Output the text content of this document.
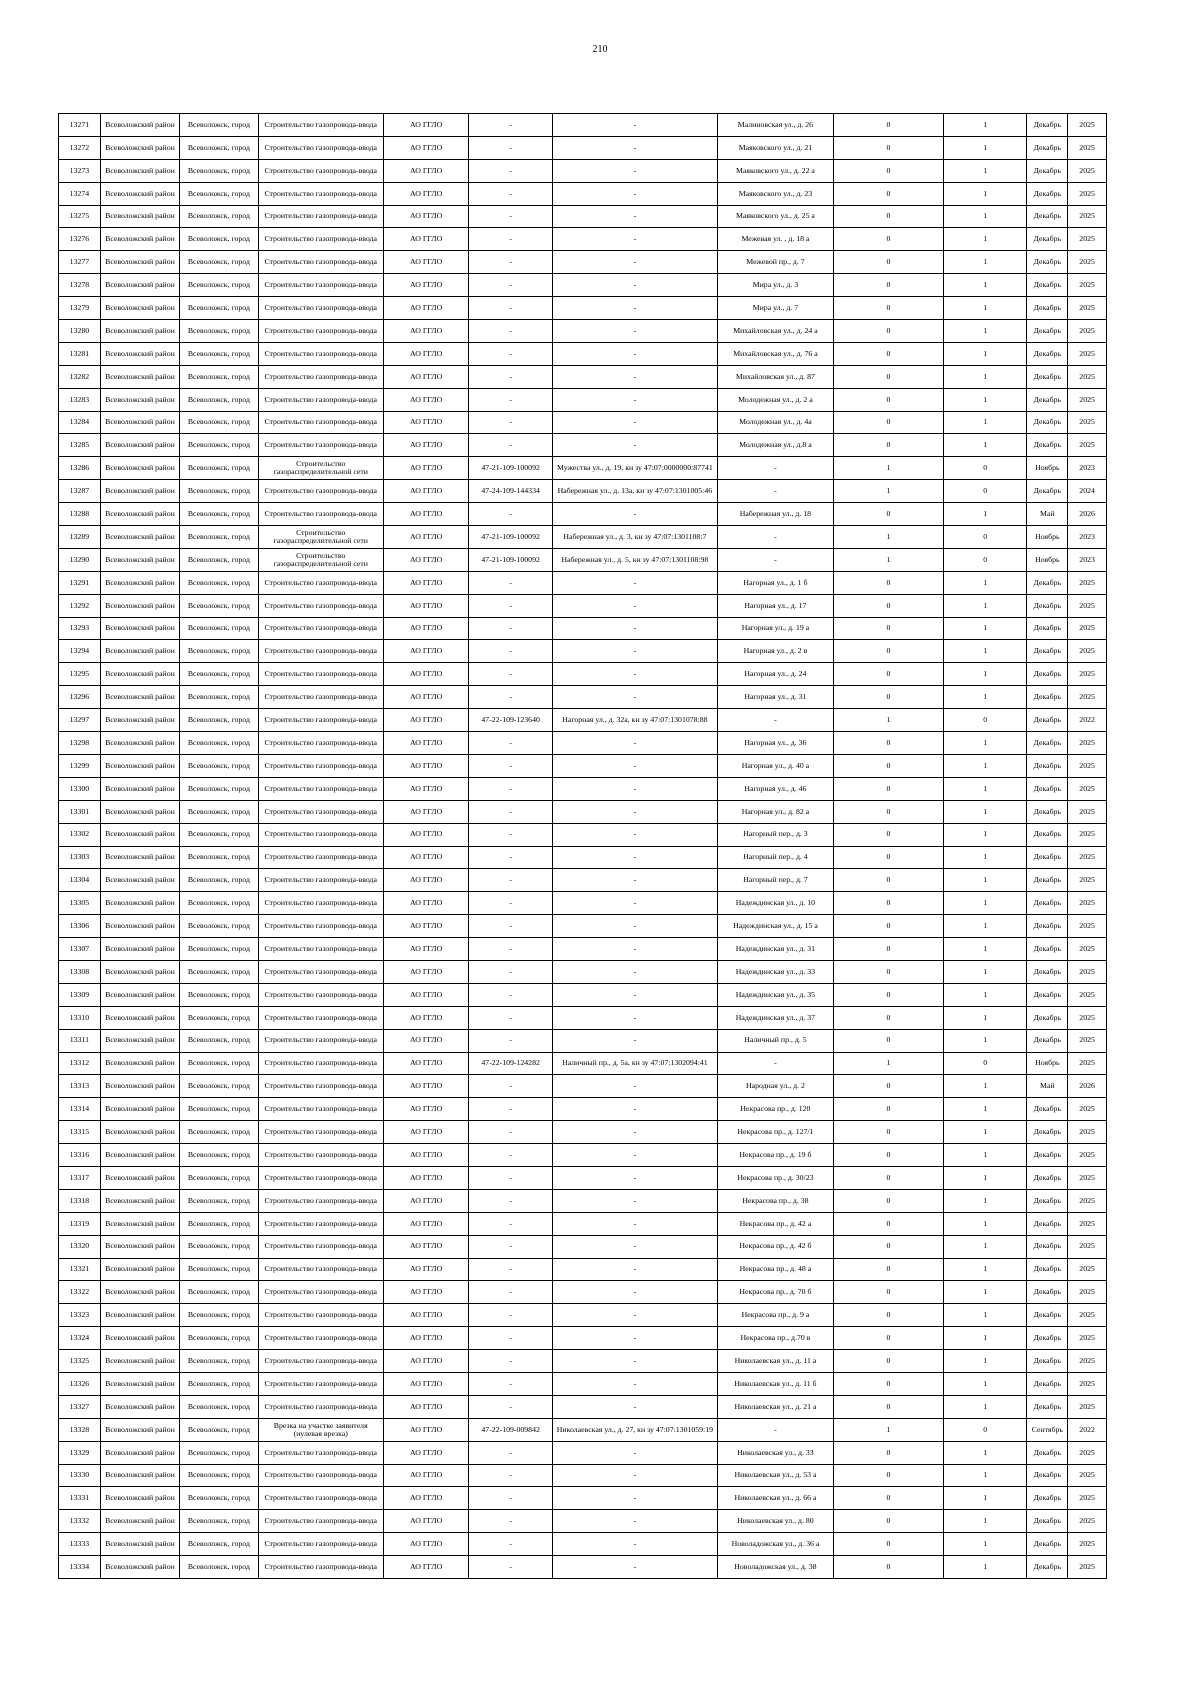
210
13271	Всеволожский район	Всеволожск, город	Строительство газопровода-ввода	АО ГГЛО	-	-	Малиновская ул., д. 26	0	1	Декабрь	2025
13272	Всеволожский район	Всеволожск, город	Строительство газопровода-ввода	АО ГГЛО	-	-	Маяковского ул., д. 21	0	1	Декабрь	2025
13273	Всеволожский район	Всеволожск, город	Строительство газопровода-ввода	АО ГГЛО	-	-	Маяковского ул., д. 22 а	0	1	Декабрь	2025
13274	Всеволожский район	Всеволожск, город	Строительство газопровода-ввода	АО ГГЛО	-	-	Маяковского ул., д. 23	0	1	Декабрь	2025
13275	Всеволожский район	Всеволожск, город	Строительство газопровода-ввода	АО ГГЛО	-	-	Маяковского ул., д. 25 а	0	1	Декабрь	2025
13276	Всеволожский район	Всеволожск, город	Строительство газопровода-ввода	АО ГГЛО	-	-	Межевая ул. , д. 18 а	0	1	Декабрь	2025
13277	Всеволожский район	Всеволожск, город	Строительство газопровода-ввода	АО ГГЛО	-	-	Межевой пр., д. 7	0	1	Декабрь	2025
13278	Всеволожский район	Всеволожск, город	Строительство газопровода-ввода	АО ГГЛО	-	-	Мира ул., д. 3	0	1	Декабрь	2025
13279	Всеволожский район	Всеволожск, город	Строительство газопровода-ввода	АО ГГЛО	-	-	Мира ул., д. 7	0	1	Декабрь	2025
13280	Всеволожский район	Всеволожск, город	Строительство газопровода-ввода	АО ГГЛО	-	-	Михайловская ул., д. 24 а	0	1	Декабрь	2025
13281	Всеволожский район	Всеволожск, город	Строительство газопровода-ввода	АО ГГЛО	-	-	Михайловская ул., д. 76 а	0	1	Декабрь	2025
13282	Всеволожский район	Всеволожск, город	Строительство газопровода-ввода	АО ГГЛО	-	-	Михайловская ул., д. 87	0	1	Декабрь	2025
13283	Всеволожский район	Всеволожск, город	Строительство газопровода-ввода	АО ГГЛО	-	-	Молодежная ул., д. 2 а	0	1	Декабрь	2025
13284	Всеволожский район	Всеволожск, город	Строительство газопровода-ввода	АО ГГЛО	-	-	Молодежная ул., д. 4а	0	1	Декабрь	2025
13285	Всеволожский район	Всеволожск, город	Строительство газопровода-ввода	АО ГГЛО	-	-	Молодежная ул., д.8 а	0	1	Декабрь	2025
13286	Всеволожский район	Всеволожск, город	Строительство газораспределительной сети	АО ГГЛО	47-21-109-100092	Мужества ул., д. 19, кн зу 47:07:0000000:87741	-	1	0	Ноябрь	2023
13287	Всеволожский район	Всеволожск, город	Строительство газопровода-ввода	АО ГГЛО	47-24-109-144334	Набережная ул., д. 13а, кн зу 47:07:1301005:46	-	1	0	Декабрь	2024
13288	Всеволожский район	Всеволожск, город	Строительство газопровода-ввода	АО ГГЛО	-	-	Набережная ул., д. 18	0	1	Май	2026
13289	Всеволожский район	Всеволожск, город	Строительство газораспределительной сети	АО ГГЛО	47-21-109-100092	Набережная ул., д. 3, кн зу 47:07:1301108:7	-	1	0	Ноябрь	2023
13290	Всеволожский район	Всеволожск, город	Строительство газораспределительной сети	АО ГГЛО	47-21-109-100092	Набережная ул., д. 5, кн зу 47:07:1301108:98	-	1	0	Ноябрь	2023
13291	Всеволожский район	Всеволожск, город	Строительство газопровода-ввода	АО ГГЛО	-	-	Нагорная ул., д. 1 б	0	1	Декабрь	2025
13292	Всеволожский район	Всеволожск, город	Строительство газопровода-ввода	АО ГГЛО	-	-	Нагорная ул., д. 17	0	1	Декабрь	2025
13293	Всеволожский район	Всеволожск, город	Строительство газопровода-ввода	АО ГГЛО	-	-	Нагорная ул., д. 19 а	0	1	Декабрь	2025
13294	Всеволожский район	Всеволожск, город	Строительство газопровода-ввода	АО ГГЛО	-	-	Нагорная ул., д. 2 в	0	1	Декабрь	2025
13295	Всеволожский район	Всеволожск, город	Строительство газопровода-ввода	АО ГГЛО	-	-	Нагорная ул., д. 24	0	1	Декабрь	2025
13296	Всеволожский район	Всеволожск, город	Строительство газопровода-ввода	АО ГГЛО	-	-	Нагорная ул., д. 31	0	1	Декабрь	2025
13297	Всеволожский район	Всеволожск, город	Строительство газопровода-ввода	АО ГГЛО	47-22-109-123640	Нагорная ул., д. 32а, кн зу 47:07:1301078:88	-	1	0	Декабрь	2022
13298	Всеволожский район	Всеволожск, город	Строительство газопровода-ввода	АО ГГЛО	-	-	Нагорная ул., д. 36	0	1	Декабрь	2025
13299	Всеволожский район	Всеволожск, город	Строительство газопровода-ввода	АО ГГЛО	-	-	Нагорная ул., д. 40 а	0	1	Декабрь	2025
13300	Всеволожский район	Всеволожск, город	Строительство газопровода-ввода	АО ГГЛО	-	-	Нагорная ул., д. 46	0	1	Декабрь	2025
13301	Всеволожский район	Всеволожск, город	Строительство газопровода-ввода	АО ГГЛО	-	-	Нагорная ул., д. 82 а	0	1	Декабрь	2025
13302	Всеволожский район	Всеволожск, город	Строительство газопровода-ввода	АО ГГЛО	-	-	Нагорный пер., д. 3	0	1	Декабрь	2025
13303	Всеволожский район	Всеволожск, город	Строительство газопровода-ввода	АО ГГЛО	-	-	Нагорный пер., д. 4	0	1	Декабрь	2025
13304	Всеволожский район	Всеволожск, город	Строительство газопровода-ввода	АО ГГЛО	-	-	Нагорный пер., д. 7	0	1	Декабрь	2025
13305	Всеволожский район	Всеволожск, город	Строительство газопровода-ввода	АО ГГЛО	-	-	Надеждинская ул., д. 10	0	1	Декабрь	2025
13306	Всеволожский район	Всеволожск, город	Строительство газопровода-ввода	АО ГГЛО	-	-	Надеждинская ул., д. 15 а	0	1	Декабрь	2025
13307	Всеволожский район	Всеволожск, город	Строительство газопровода-ввода	АО ГГЛО	-	-	Надеждинская ул., д. 31	0	1	Декабрь	2025
13308	Всеволожский район	Всеволожск, город	Строительство газопровода-ввода	АО ГГЛО	-	-	Надеждинская ул., д. 33	0	1	Декабрь	2025
13309	Всеволожский район	Всеволожск, город	Строительство газопровода-ввода	АО ГГЛО	-	-	Надеждинская ул., д. 35	0	1	Декабрь	2025
13310	Всеволожский район	Всеволожск, город	Строительство газопровода-ввода	АО ГГЛО	-	-	Надеждинская ул., д. 37	0	1	Декабрь	2025
13311	Всеволожский район	Всеволожск, город	Строительство газопровода-ввода	АО ГГЛО	-	-	Наличный пр., д. 5	0	1	Декабрь	2025
13312	Всеволожский район	Всеволожск, город	Строительство газопровода-ввода	АО ГГЛО	47-22-109-124282	Наличный пр., д. 5а, кн зу 47:07:1302094:41	-	1	0	Ноябрь	2025
13313	Всеволожский район	Всеволожск, город	Строительство газопровода-ввода	АО ГГЛО	-	-	Народная ул., д. 2	0	1	Май	2026
13314	Всеволожский район	Всеволожск, город	Строительство газопровода-ввода	АО ГГЛО	-	-	Некрасова пр., д. 120	0	1	Декабрь	2025
13315	Всеволожский район	Всеволожск, город	Строительство газопровода-ввода	АО ГГЛО	-	-	Некрасова пр., д. 127/1	0	1	Декабрь	2025
13316	Всеволожский район	Всеволожск, город	Строительство газопровода-ввода	АО ГГЛО	-	-	Некрасова пр., д. 19 б	0	1	Декабрь	2025
13317	Всеволожский район	Всеволожск, город	Строительство газопровода-ввода	АО ГГЛО	-	-	Некрасова пр., д. 30/23	0	1	Декабрь	2025
13318	Всеволожский район	Всеволожск, город	Строительство газопровода-ввода	АО ГГЛО	-	-	Некрасова пр., д. 38	0	1	Декабрь	2025
13319	Всеволожский район	Всеволожск, город	Строительство газопровода-ввода	АО ГГЛО	-	-	Некрасова пр., д. 42 а	0	1	Декабрь	2025
13320	Всеволожский район	Всеволожск, город	Строительство газопровода-ввода	АО ГГЛО	-	-	Некрасова пр., д. 42 б	0	1	Декабрь	2025
13321	Всеволожский район	Всеволожск, город	Строительство газопровода-ввода	АО ГГЛО	-	-	Некрасова пр., д. 48 а	0	1	Декабрь	2025
13322	Всеволожский район	Всеволожск, город	Строительство газопровода-ввода	АО ГГЛО	-	-	Некрасова пр., д. 70 б	0	1	Декабрь	2025
13323	Всеволожский район	Всеволожск, город	Строительство газопровода-ввода	АО ГГЛО	-	-	Некрасова пр., д. 9 а	0	1	Декабрь	2025
13324	Всеволожский район	Всеволожск, город	Строительство газопровода-ввода	АО ГГЛО	-	-	Некрасова пр., д.70 в	0	1	Декабрь	2025
13325	Всеволожский район	Всеволожск, город	Строительство газопровода-ввода	АО ГГЛО	-	-	Николаевская ул., д. 11 а	0	1	Декабрь	2025
13326	Всеволожский район	Всеволожск, город	Строительство газопровода-ввода	АО ГГЛО	-	-	Николаевская ул., д. 11 б	0	1	Декабрь	2025
13327	Всеволожский район	Всеволожск, город	Строительство газопровода-ввода	АО ГГЛО	-	-	Николаевская ул., д. 21 а	0	1	Декабрь	2025
13328	Всеволожский район	Всеволожск, город	Врезка на участке заявителя (нулевая врезка)	АО ГГЛО	47-22-109-009842	Николаевская ул., д. 27, кн зу 47:07:1301059:19	-	1	0	Сентябрь	2022
13329	Всеволожский район	Всеволожск, город	Строительство газопровода-ввода	АО ГГЛО	-	-	Николаевская ул., д. 33	0	1	Декабрь	2025
13330	Всеволожский район	Всеволожск, город	Строительство газопровода-ввода	АО ГГЛО	-	-	Николаевская ул., д. 53 а	0	1	Декабрь	2025
13331	Всеволожский район	Всеволожск, город	Строительство газопровода-ввода	АО ГГЛО	-	-	Николаевская ул., д. 66 а	0	1	Декабрь	2025
13332	Всеволожский район	Всеволожск, город	Строительство газопровода-ввода	АО ГГЛО	-	-	Николаевская ул., д. 80	0	1	Декабрь	2025
13333	Всеволожский район	Всеволожск, город	Строительство газопровода-ввода	АО ГГЛО	-	-	Новоладожская ул., д. 36 а	0	1	Декабрь	2025
13334	Всеволожский район	Всеволожск, город	Строительство газопровода-ввода	АО ГГЛО	-	-	Новоладожская ул., д. 38	0	1	Декабрь	2025
